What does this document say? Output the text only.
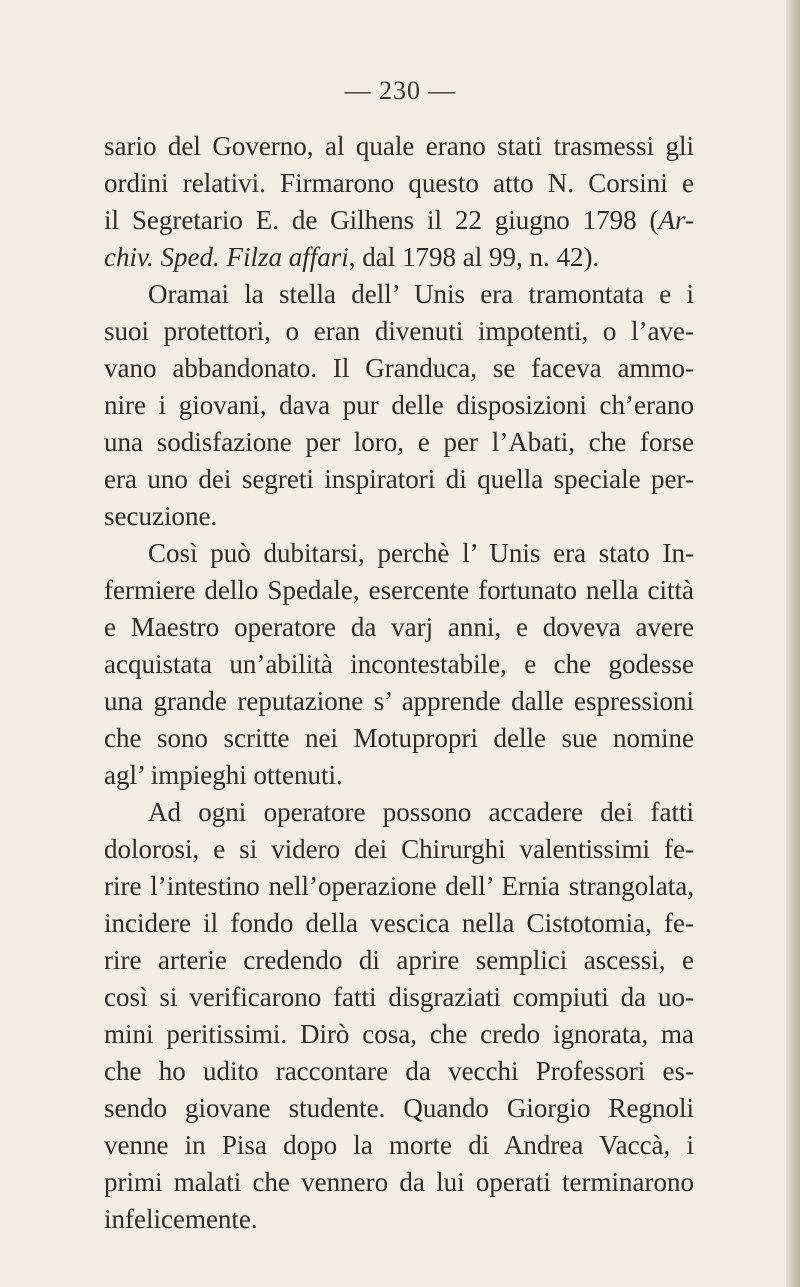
— 230 —
sario del Governo, al quale erano stati trasmessi gli
ordini relativi. Firmarono questo atto N. Corsini e
il Segretario E. de Gilhens il 22 giugno 1798 (Ar-
chiv. Sped. Filza affari, dal 1798 al 99, n. 42).
Oramai la stella dell’ Unis era tramontata e i
suoi protettori, o eran divenuti impotenti, o l’ave-
vano abbandonato. Il Granduca, se faceva ammo-
nire i giovani, dava pur delle disposizioni ch’erano
una sodisfazione per loro, e per l’Abati, che forse
era uno dei segreti inspiratori di quella speciale per-
secuzione.
Così può dubitarsi, perchè l’ Unis era stato In-
fermiere dello Spedale, esercente fortunato nella città
e Maestro operatore da varj anni, e doveva avere
acquistata un’abilità incontestabile, e che godesse
una grande reputazione s’ apprende dalle espressioni
che sono scritte nei Motupropri delle sue nomine
agl’ impieghi ottenuti.
Ad ogni operatore possono accadere dei fatti
dolorosi, e si videro dei Chirurghi valentissimi fe-
rire l’intestino nell’operazione dell’ Ernia strangolata,
incidere il fondo della vescica nella Cistotomia, fe-
rire arterie credendo di aprire semplici ascessi, e
così si verificarono fatti disgraziati compiuti da uo-
mini peritissimi. Dirò cosa, che credo ignorata, ma
che ho udito raccontare da vecchi Professori es-
sendo giovane studente. Quando Giorgio Regnoli
venne in Pisa dopo la morte di Andrea Vaccà, i
primi malati che vennero da lui operati terminarono
infelicemente.
